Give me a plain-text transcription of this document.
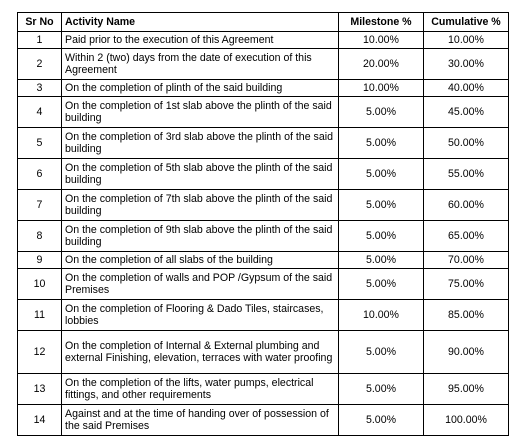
Sr No	Activity Name	Milestone %	Cumulative %
1	Paid prior to the execution of this Agreement	10.00%	10.00%
2	Within 2 (two) days from the date of execution of this Agreement	20.00%	30.00%
3	On the completion of plinth of the said building	10.00%	40.00%
4	On the completion of 1st slab above the plinth of the said building	5.00%	45.00%
5	On the completion of 3rd slab above the plinth of the said building	5.00%	50.00%
6	On the completion of 5th slab above the plinth of the said building	5.00%	55.00%
7	On the completion of 7th slab above the plinth of the said building	5.00%	60.00%
8	On the completion of 9th slab above the plinth of the said building	5.00%	65.00%
9	On the completion of all slabs of the building	5.00%	70.00%
10	On the completion of walls and POP /Gypsum of the said Premises	5.00%	75.00%
11	On the completion of Flooring & Dado Tiles, staircases, lobbies	10.00%	85.00%
12	On the completion of Internal & External plumbing and external Finishing, elevation, terraces with water proofing	5.00%	90.00%
13	On the completion of the lifts, water pumps, electrical fittings, and other requirements	5.00%	95.00%
14	Against and at the time of handing over of possession of the said Premises	5.00%	100.00%
